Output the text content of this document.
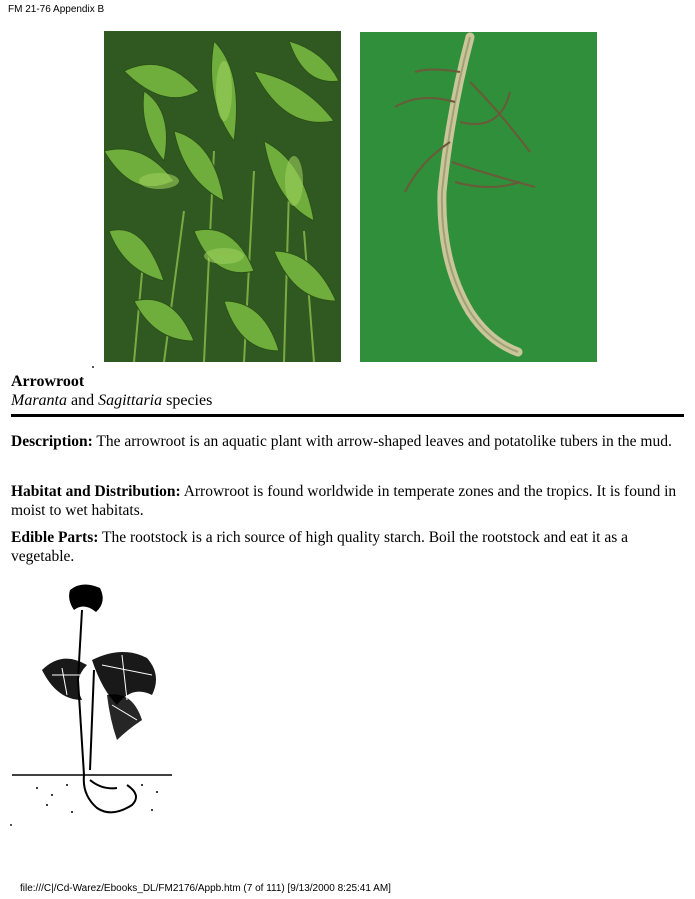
FM 21-76 Appendix B
Arrowroot
Maranta and Sagittaria species
Description: The arrowroot is an aquatic plant with arrow-shaped leaves and potatolike tubers in the mud.
Habitat and Distribution: Arrowroot is found worldwide in temperate zones and the tropics. It is found in moist to wet habitats.
Edible Parts: The rootstock is a rich source of high quality starch. Boil the rootstock and eat it as a vegetable.
file:///C|/Cd-Warez/Ebooks_DL/FM2176/Appb.htm (7 of 111) [9/13/2000 8:25:41 AM]
